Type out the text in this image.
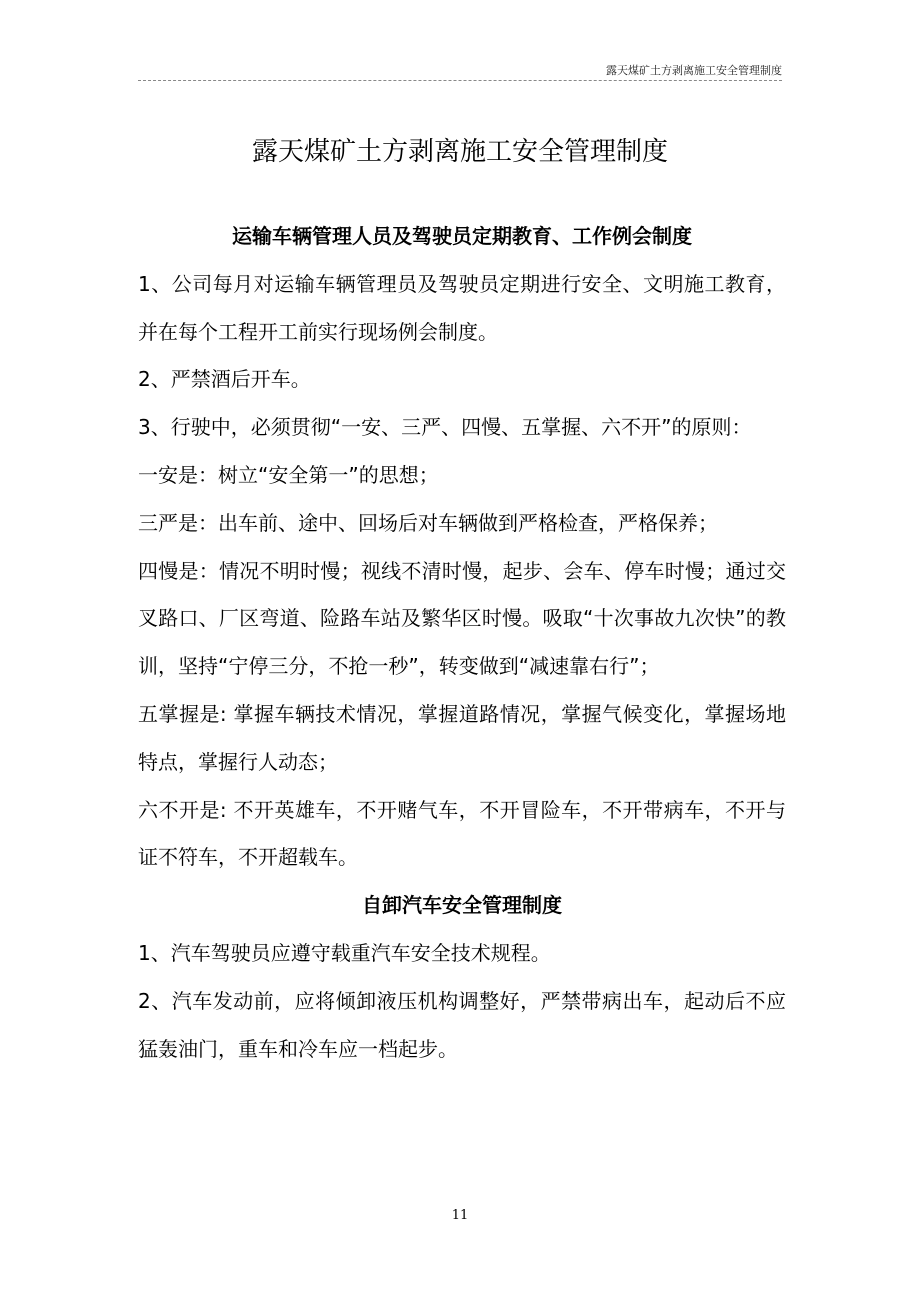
露天煤矿土方剥离施工安全管理制度
露天煤矿土方剥离施工安全管理制度

运输车辆管理人员及驾驶员定期教育、工作例会制度

1、公司每月对运输车辆管理员及驾驶员定期进行安全、文明施工教育，并在每个工程开工前实行现场例会制度。

2、严禁酒后开车。

3、行驶中，必须贯彻“一安、三严、四慢、五掌握、六不开”的原则：

一安是：树立“安全第一”的思想；

三严是：出车前、途中、回场后对车辆做到严格检查，严格保养；

四慢是：情况不明时慢；视线不清时慢，起步、会车、停车时慢；通过交叉路口、厂区弯道、险路车站及繁华区时慢。吸取“十次事故九次快”的教训，坚持“宁停三分，不抢一秒”，转变做到“减速靠右行”；

五掌握是: 掌握车辆技术情况，掌握道路情况，掌握气候变化，掌握场地特点，掌握行人动态；

六不开是: 不开英雄车，不开赌气车，不开冒险车，不开带病车，不开与证不符车，不开超载车。

自卸汽车安全管理制度

1、汽车驾驶员应遵守载重汽车安全技术规程。

2、汽车发动前，应将倾卸液压机构调整好，严禁带病出车，起动后不应猛轰油门，重车和冷车应一档起步。

11
